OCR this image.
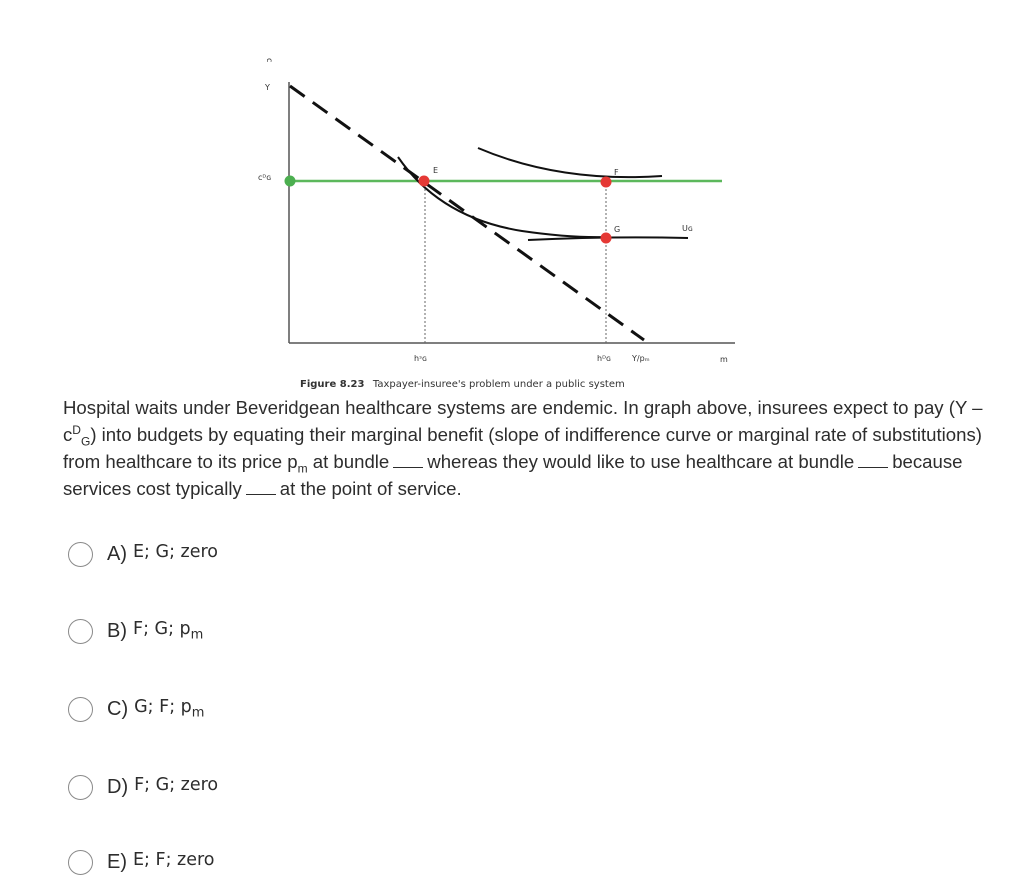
c
Y
cᴰɢ
E	F
G	Uɢ
hˢɢ	hᴰɢ	Y/pₘ	m
Figure 8.23 Taxpayer-insuree's problem under a public system

Hospital waits under Beveridgean healthcare systems are endemic. In graph above, insurees expect to pay $(Y - c^D_G)$ into budgets by equating their marginal benefit (slope of indifference curve or marginal rate of substitutions) from healthcare to its price $p_m$ at bundle whereas they would like to use healthcare at bundle because services cost typically at the point of service.

A) E; G; zero
B) F; G; $p_m$
C) G; F; $p_m$
D) F; G; zero
E) E; F; zero
